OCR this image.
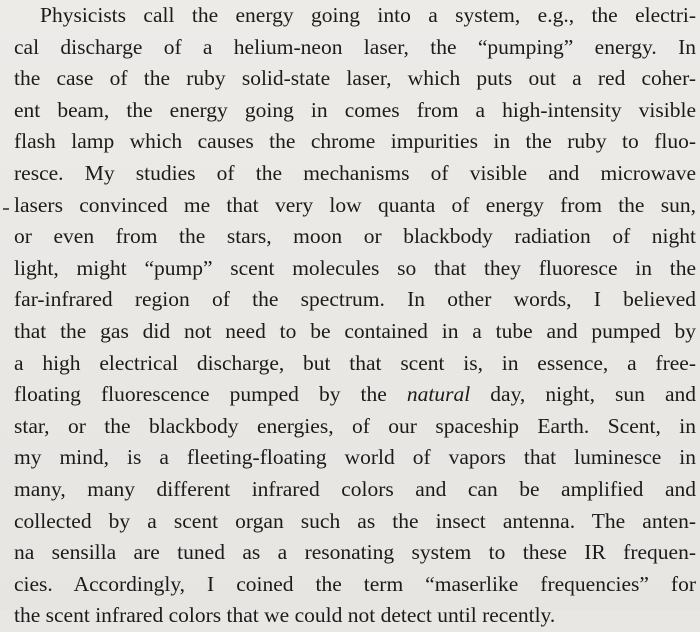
Physicists call the energy going into a system, e.g., the electri-
cal discharge of a helium-neon laser, the “pumping” energy. In
the case of the ruby solid-state laser, which puts out a red coher-
ent beam, the energy going in comes from a high-intensity visible
flash lamp which causes the chrome impurities in the ruby to fluo-
resce. My studies of the mechanisms of visible and microwave
lasers convinced me that very low quanta of energy from the sun,
or even from the stars, moon or blackbody radiation of night
light, might “pump” scent molecules so that they fluoresce in the
far-infrared region of the spectrum. In other words, I believed
that the gas did not need to be contained in a tube and pumped by
a high electrical discharge, but that scent is, in essence, a free-
floating fluorescence pumped by the natural day, night, sun and
star, or the blackbody energies, of our spaceship Earth. Scent, in
my mind, is a fleeting-floating world of vapors that luminesce in
many, many different infrared colors and can be amplified and
collected by a scent organ such as the insect antenna. The anten-
na sensilla are tuned as a resonating system to these IR frequen-
cies. Accordingly, I coined the term “maserlike frequencies” for
the scent infrared colors that we could not detect until recently.
